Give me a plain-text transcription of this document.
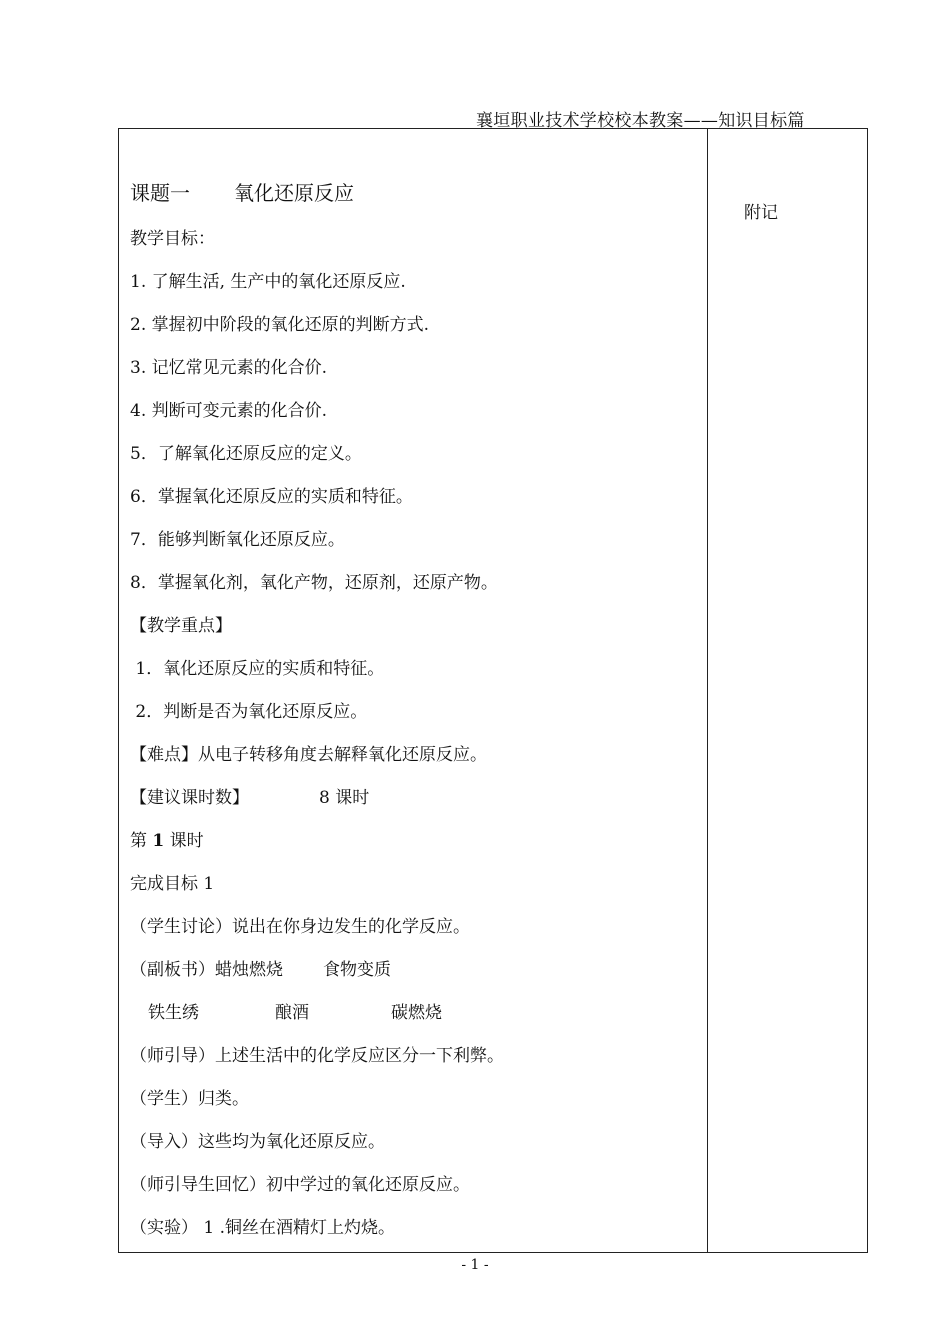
襄垣职业技术学校校本教案——知识目标篇
附记
课题一 氧化还原反应
教学目标：
1. 了解生活, 生产中的氧化还原反应.
2. 掌握初中阶段的氧化还原的判断方式.
3. 记忆常见元素的化合价.
4. 判断可变元素的化合价.
5．了解氧化还原反应的定义。
6．掌握氧化还原反应的实质和特征。
7．能够判断氧化还原反应。
8．掌握氧化剂，氧化产物，还原剂，还原产物。
【教学重点】
1．氧化还原反应的实质和特征。
2．判断是否为氧化还原反应。
【难点】从电子转移角度去解释氧化还原反应。
【建议课时数】	8 课时
第 1 课时
完成目标 1
（学生讨论）说出在你身边发生的化学反应。
（副板书）蜡烛燃烧 食物变质
铁生绣	酿酒	碳燃烧
（师引导）上述生活中的化学反应区分一下利弊。
（学生）归类。
（导入）这些均为氧化还原反应。
（师引导生回忆）初中学过的氧化还原反应。
（实验） 1 .铜丝在酒精灯上灼烧。
- 1 -
